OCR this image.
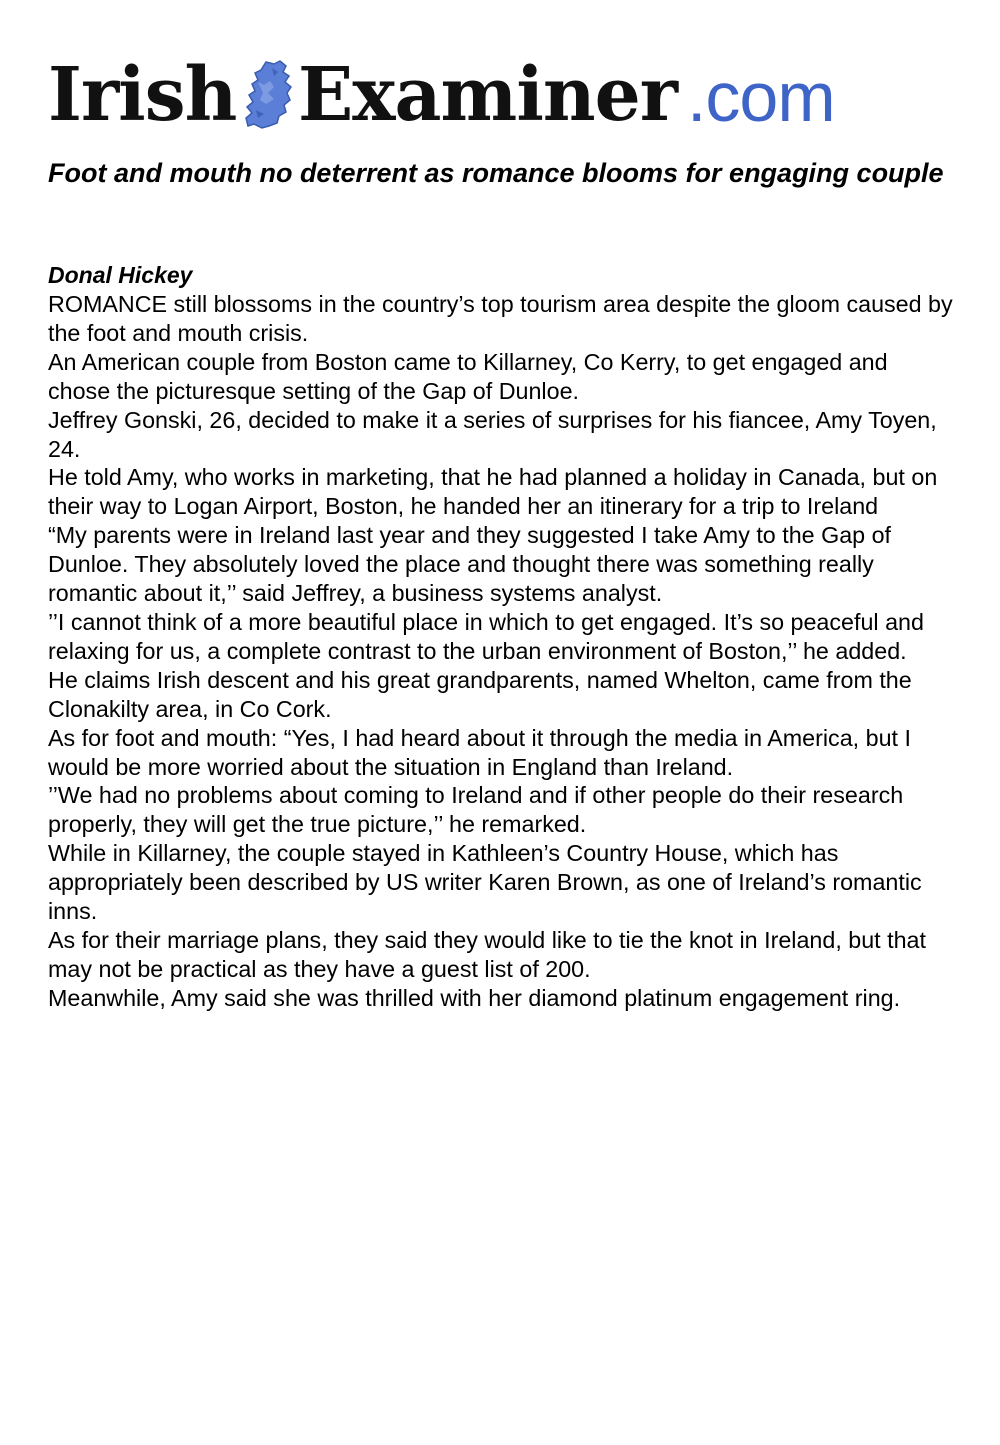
Irish Examiner .com
Foot and mouth no deterrent as romance blooms for engaging couple

Donal Hickey

ROMANCE still blossoms in the country’s top tourism area despite the gloom caused by the foot and mouth crisis.

An American couple from Boston came to Killarney, Co Kerry, to get engaged and chose the picturesque setting of the Gap of Dunloe.

Jeffrey Gonski, 26, decided to make it a series of surprises for his fiancee, Amy Toyen, 24.

He told Amy, who works in marketing, that he had planned a holiday in Canada, but on their way to Logan Airport, Boston, he handed her an itinerary for a trip to Ireland

“My parents were in Ireland last year and they suggested I take Amy to the Gap of Dunloe. They absolutely loved the place and thought there was something really romantic about it,’’ said Jeffrey, a business systems analyst.

’’I cannot think of a more beautiful place in which to get engaged. It’s so peaceful and relaxing for us, a complete contrast to the urban environment of Boston,’’ he added.

He claims Irish descent and his great grandparents, named Whelton, came from the Clonakilty area, in Co Cork.

As for foot and mouth: “Yes, I had heard about it through the media in America, but I would be more worried about the situation in England than Ireland.

’’We had no problems about coming to Ireland and if other people do their research properly, they will get the true picture,’’ he remarked.

While in Killarney, the couple stayed in Kathleen’s Country House, which has appropriately been described by US writer Karen Brown, as one of Ireland’s romantic inns.

As for their marriage plans, they said they would like to tie the knot in Ireland, but that may not be practical as they have a guest list of 200.

Meanwhile, Amy said she was thrilled with her diamond platinum engagement ring.
